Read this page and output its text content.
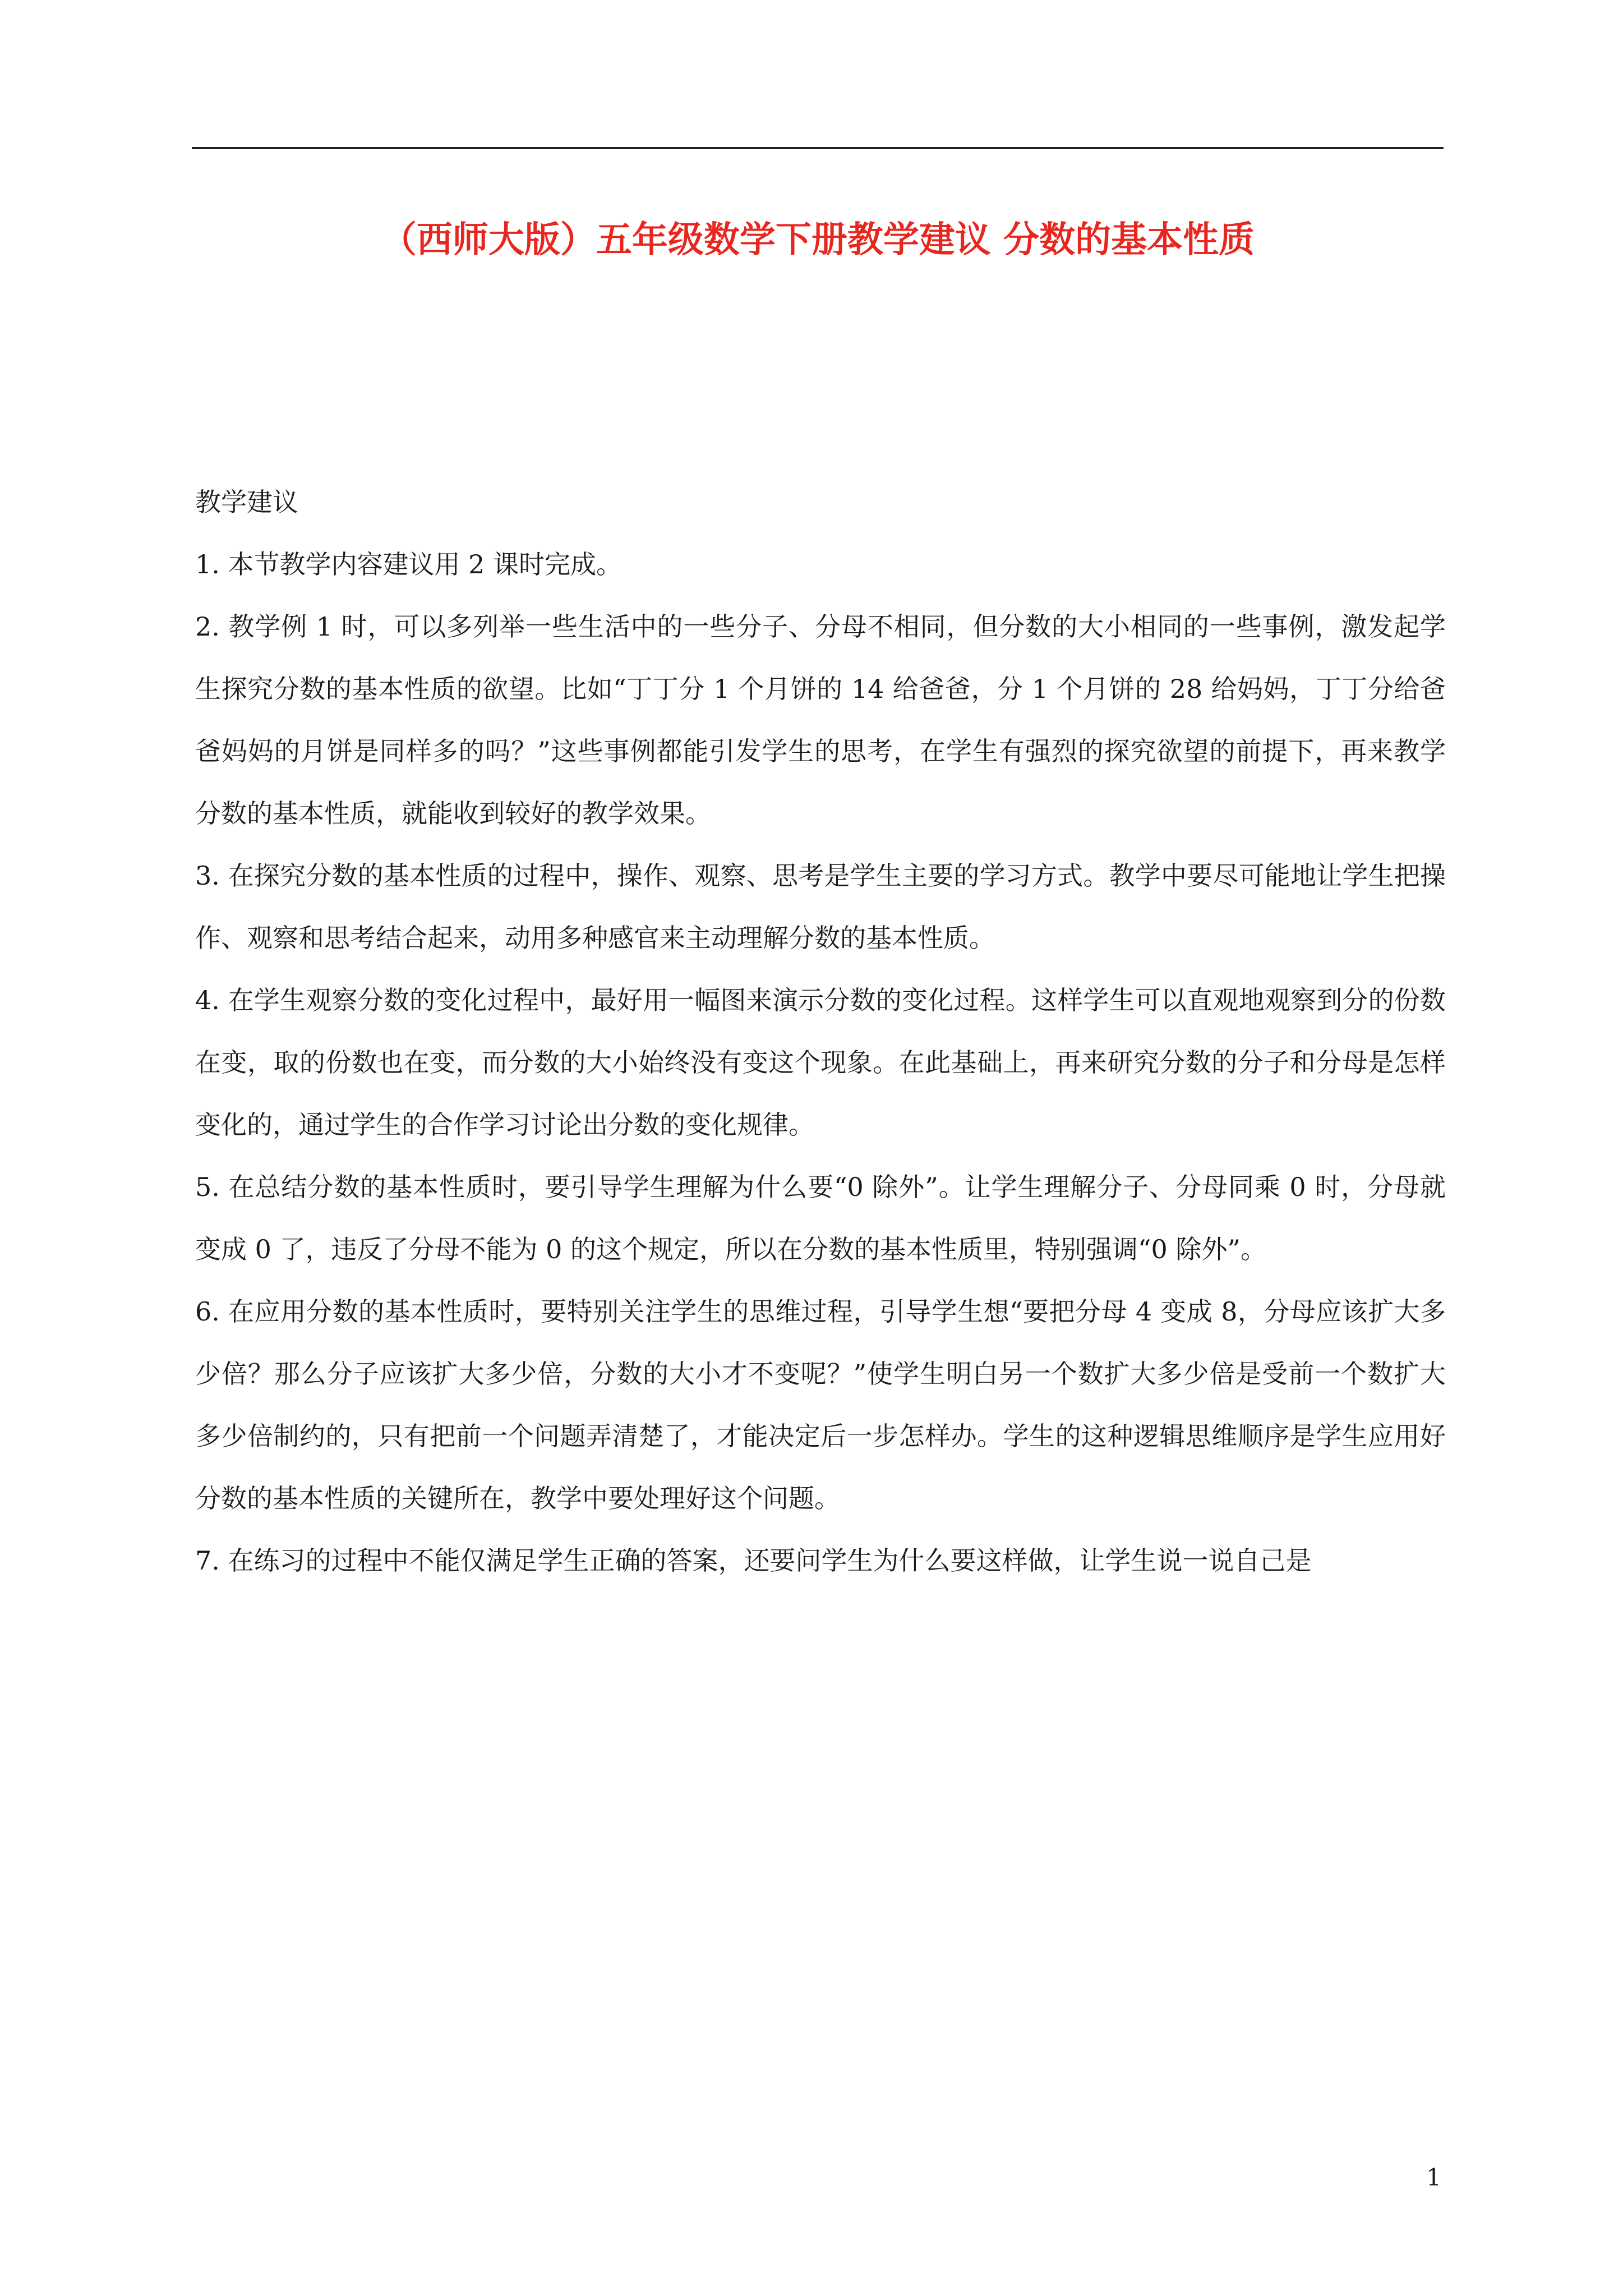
（西师大版）五年级数学下册教学建议 分数的基本性质

教学建议

1. 本节教学内容建议用 2 课时完成。

2. 教学例 1 时，可以多列举一些生活中的一些分子、分母不相同，但分数的大小相同的一些事例，激发起学生探究分数的基本性质的欲望。比如“丁丁分 1 个月饼的 14 给爸爸，分 1 个月饼的 28 给妈妈，丁丁分给爸爸妈妈的月饼是同样多的吗？”这些事例都能引发学生的思考，在学生有强烈的探究欲望的前提下，再来教学分数的基本性质，就能收到较好的教学效果。

3. 在探究分数的基本性质的过程中，操作、观察、思考是学生主要的学习方式。教学中要尽可能地让学生把操作、观察和思考结合起来，动用多种感官来主动理解分数的基本性质。

4. 在学生观察分数的变化过程中，最好用一幅图来演示分数的变化过程。这样学生可以直观地观察到分的份数在变，取的份数也在变，而分数的大小始终没有变这个现象。在此基础上，再来研究分数的分子和分母是怎样变化的，通过学生的合作学习讨论出分数的变化规律。

5. 在总结分数的基本性质时，要引导学生理解为什么要“0 除外”。让学生理解分子、分母同乘 0 时，分母就变成 0 了，违反了分母不能为 0 的这个规定，所以在分数的基本性质里，特别强调“0 除外”。

6. 在应用分数的基本性质时，要特别关注学生的思维过程，引导学生想“要把分母 4 变成 8，分母应该扩大多少倍？那么分子应该扩大多少倍，分数的大小才不变呢？”使学生明白另一个数扩大多少倍是受前一个数扩大多少倍制约的，只有把前一个问题弄清楚了，才能决定后一步怎样办。学生的这种逻辑思维顺序是学生应用好分数的基本性质的关键所在，教学中要处理好这个问题。

7. 在练习的过程中不能仅满足学生正确的答案，还要问学生为什么要这样做，让学生说一说自己是

1
